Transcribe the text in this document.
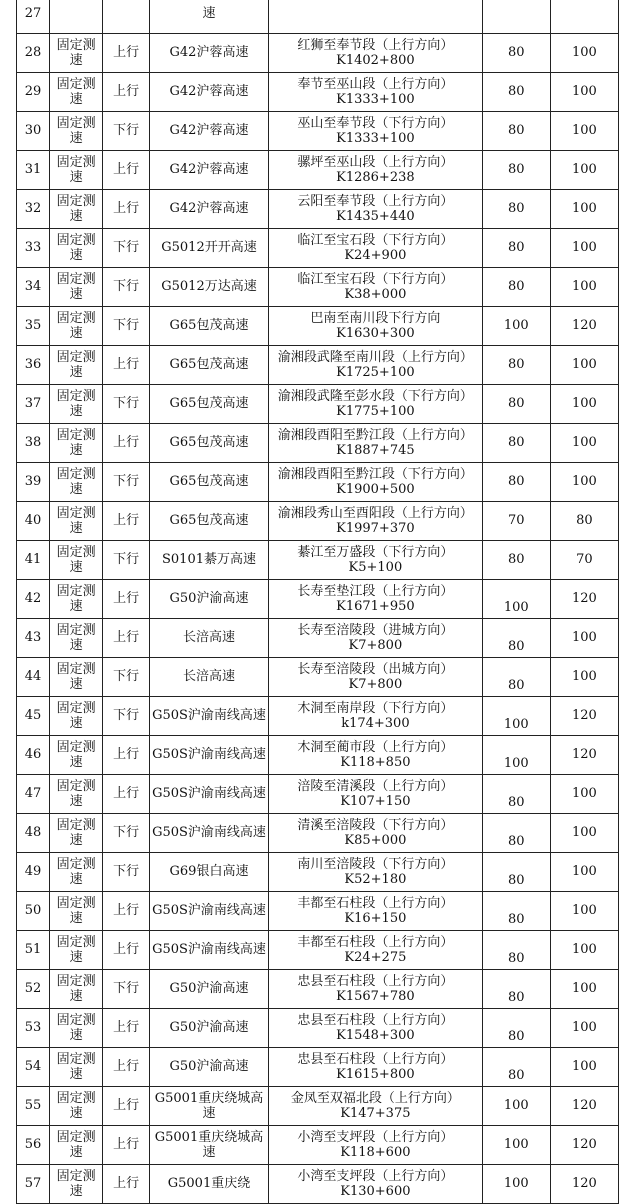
27			速			

28	固定测速	上行	G42沪蓉高速	红狮至奉节段（上行方向）K1402+800	80	100

29	固定测速	上行	G42沪蓉高速	奉节至巫山段（上行方向）K1333+100	80	100

30	固定测速	下行	G42沪蓉高速	巫山至奉节段（下行方向）K1333+100	80	100

31	固定测速	上行	G42沪蓉高速	骡坪至巫山段（上行方向）K1286+238	80	100

32	固定测速	上行	G42沪蓉高速	云阳至奉节段（上行方向）K1435+440	80	100

33	固定测速	下行	G5012开开高速	临江至宝石段（下行方向）K24+900	80	100

34	固定测速	下行	G5012万达高速	临江至宝石段（下行方向）K38+000	80	100

35	固定测速	下行	G65包茂高速	巴南至南川段下行方向K1630+300	100	120

36	固定测速	上行	G65包茂高速	渝湘段武隆至南川段（上行方向）K1725+100	80	100

37	固定测速	下行	G65包茂高速	渝湘段武隆至彭水段（下行方向）K1775+100	80	100

38	固定测速	上行	G65包茂高速	渝湘段酉阳至黔江段（上行方向）K1887+745	80	100

39	固定测速	下行	G65包茂高速	渝湘段酉阳至黔江段（下行方向）K1900+500	80	100

40	固定测速	上行	G65包茂高速	渝湘段秀山至酉阳段（上行方向）K1997+370	70	80

41	固定测速	下行	S0101綦万高速	綦江至万盛段（下行方向）K5+100	80	70

42	固定测速	上行	G50沪渝高速	长寿至垫江段（上行方向）K1671+950	100	120

43	固定测速	上行	长涪高速	长寿至涪陵段（进城方向）K7+800	80	100

44	固定测速	下行	长涪高速	长寿至涪陵段（出城方向）K7+800	80	100

45	固定测速	下行	G50S沪渝南线高速	木洞至南岸段（下行方向）k174+300	100	120

46	固定测速	上行	G50S沪渝南线高速	木洞至蔺市段（上行方向）K118+850	100	120

47	固定测速	上行	G50S沪渝南线高速	涪陵至清溪段（上行方向）K107+150	80	100

48	固定测速	下行	G50S沪渝南线高速	清溪至涪陵段（下行方向）K85+000	80	100

49	固定测速	下行	G69银白高速	南川至涪陵段（下行方向）K52+180	80	100

50	固定测速	上行	G50S沪渝南线高速	丰都至石柱段（上行方向）K16+150	80	100

51	固定测速	上行	G50S沪渝南线高速	丰都至石柱段（上行方向）K24+275	80	100

52	固定测速	下行	G50沪渝高速	忠县至石柱段（上行方向）K1567+780	80	100

53	固定测速	上行	G50沪渝高速	忠县至石柱段（上行方向）K1548+300	80	100

54	固定测速	上行	G50沪渝高速	忠县至石柱段（上行方向）K1615+800	80	100

55	固定测速	上行	G5001重庆绕城高速	金凤至双福北段（上行方向）K147+375	100	120

56	固定测速	上行	G5001重庆绕城高速	小湾至支坪段（上行方向）K118+600	100	120

57	固定测速	上行	G5001重庆绕	小湾至支坪段（上行方向）K130+600	100	120
